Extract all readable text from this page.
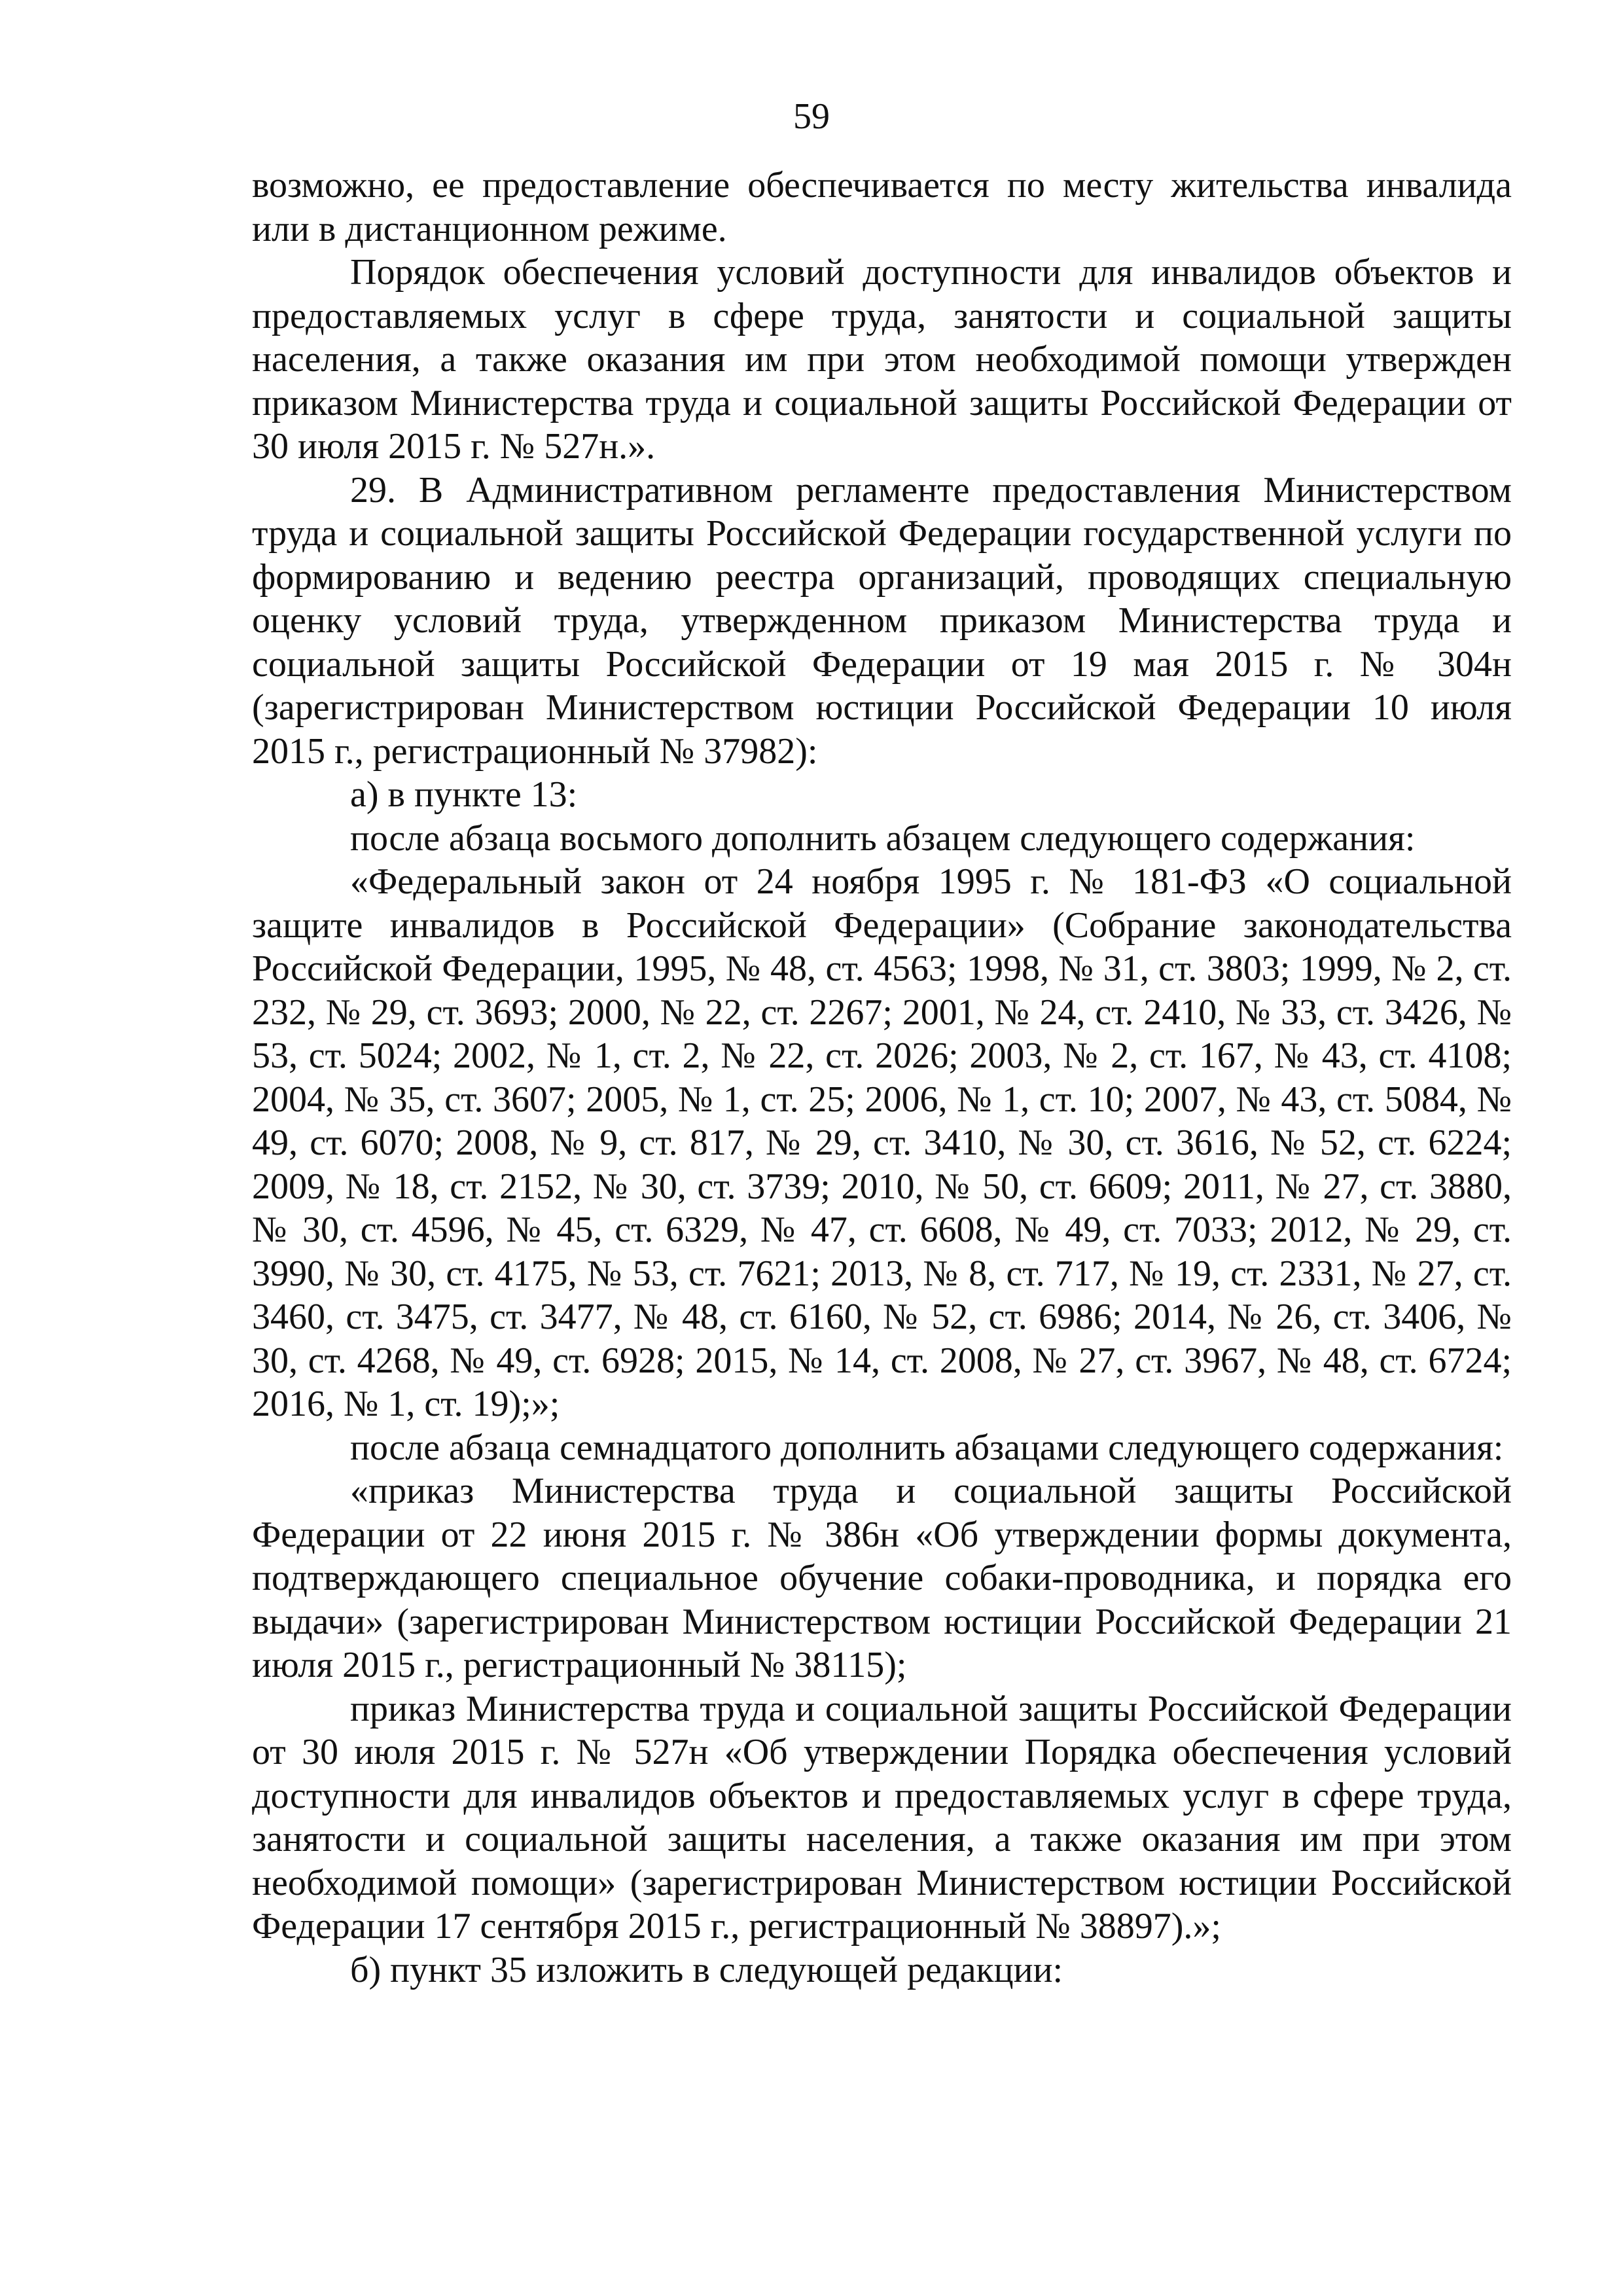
59

возможно, ее предоставление обеспечивается по месту жительства инвалида или в дистанционном режиме.

Порядок обеспечения условий доступности для инвалидов объектов и предоставляемых услуг в сфере труда, занятости и социальной защиты населения, а также оказания им при этом необходимой помощи утвержден приказом Министерства труда и социальной защиты Российской Федерации от 30 июля 2015 г. № 527н.».

29. В Административном регламенте предоставления Министерством труда и социальной защиты Российской Федерации государственной услуги по формированию и ведению реестра организаций, проводящих специальную оценку условий труда, утвержденном приказом Министерства труда и социальной защиты Российской Федерации от 19 мая 2015 г. № 304н (зарегистрирован Министерством юстиции Российской Федерации 10 июля 2015 г., регистрационный № 37982):

а) в пункте 13:

после абзаца восьмого дополнить абзацем следующего содержания:

«Федеральный закон от 24 ноября 1995 г. № 181-ФЗ «О социальной защите инвалидов в Российской Федерации» (Собрание законодательства Российской Федерации, 1995, № 48, ст. 4563; 1998, № 31, ст. 3803; 1999, № 2, ст. 232, № 29, ст. 3693; 2000, № 22, ст. 2267; 2001, № 24, ст. 2410, № 33, ст. 3426, № 53, ст. 5024; 2002, № 1, ст. 2, № 22, ст. 2026; 2003, № 2, ст. 167, № 43, ст. 4108; 2004, № 35, ст. 3607; 2005, № 1, ст. 25; 2006, № 1, ст. 10; 2007, № 43, ст. 5084, № 49, ст. 6070; 2008, № 9, ст. 817, № 29, ст. 3410, № 30, ст. 3616, № 52, ст. 6224; 2009, № 18, ст. 2152, № 30, ст. 3739; 2010, № 50, ст. 6609; 2011, № 27, ст. 3880, № 30, ст. 4596, № 45, ст. 6329, № 47, ст. 6608, № 49, ст. 7033; 2012, № 29, ст. 3990, № 30, ст. 4175, № 53, ст. 7621; 2013, № 8, ст. 717, № 19, ст. 2331, № 27, ст. 3460, ст. 3475, ст. 3477, № 48, ст. 6160, № 52, ст. 6986; 2014, № 26, ст. 3406, № 30, ст. 4268, № 49, ст. 6928; 2015, № 14, ст. 2008, № 27, ст. 3967, № 48, ст. 6724; 2016, № 1, ст. 19);»;

после абзаца семнадцатого дополнить абзацами следующего содержания:

«приказ Министерства труда и социальной защиты Российской Федерации от 22 июня 2015 г. № 386н «Об утверждении формы документа, подтверждающего специальное обучение собаки-проводника, и порядка его выдачи» (зарегистрирован Министерством юстиции Российской Федерации 21 июля 2015 г., регистрационный № 38115);

приказ Министерства труда и социальной защиты Российской Федерации от 30 июля 2015 г. № 527н «Об утверждении Порядка обеспечения условий доступности для инвалидов объектов и предоставляемых услуг в сфере труда, занятости и социальной защиты населения, а также оказания им при этом необходимой помощи» (зарегистрирован Министерством юстиции Российской Федерации 17 сентября 2015 г., регистрационный № 38897).»;

б) пункт 35 изложить в следующей редакции:
